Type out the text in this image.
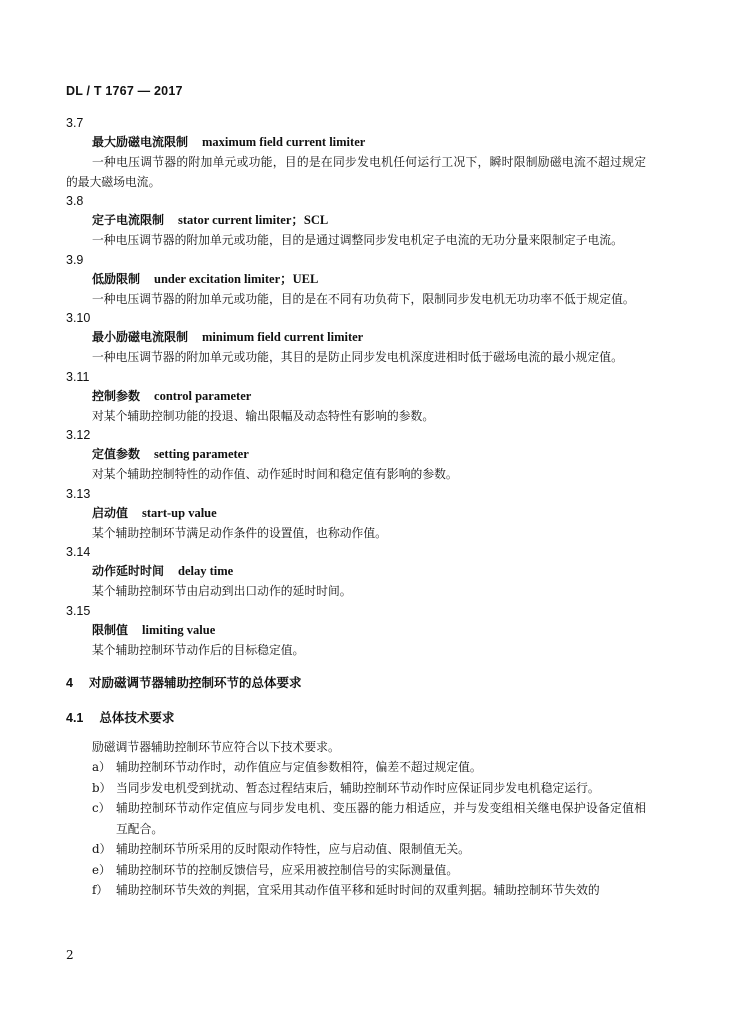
DL / T 1767 — 2017
3.7
最大励磁电流限制 maximum field current limiter
一种电压调节器的附加单元或功能，目的是在同步发电机任何运行工况下，瞬时限制励磁电流不超过规定的最大磁场电流。
3.8
定子电流限制 stator current limiter；SCL
一种电压调节器的附加单元或功能，目的是通过调整同步发电机定子电流的无功分量来限制定子电流。
3.9
低励限制 under excitation limiter；UEL
一种电压调节器的附加单元或功能，目的是在不同有功负荷下，限制同步发电机无功功率不低于规定值。
3.10
最小励磁电流限制 minimum field current limiter
一种电压调节器的附加单元或功能，其目的是防止同步发电机深度进相时低于磁场电流的最小规定值。
3.11
控制参数 control parameter
对某个辅助控制功能的投退、输出限幅及动态特性有影响的参数。
3.12
定值参数 setting parameter
对某个辅助控制特性的动作值、动作延时时间和稳定值有影响的参数。
3.13
启动值 start-up value
某个辅助控制环节满足动作条件的设置值，也称动作值。
3.14
动作延时时间 delay time
某个辅助控制环节由启动到出口动作的延时时间。
3.15
限制值 limiting value
某个辅助控制环节动作后的目标稳定值。
4 对励磁调节器辅助控制环节的总体要求
4.1 总体技术要求
励磁调节器辅助控制环节应符合以下技术要求。
a） 辅助控制环节动作时，动作值应与定值参数相符，偏差不超过规定值。
b） 当同步发电机受到扰动、暂态过程结束后，辅助控制环节动作时应保证同步发电机稳定运行。
c） 辅助控制环节动作定值应与同步发电机、变压器的能力相适应，并与发变组相关继电保护设备定值相互配合。
d） 辅助控制环节所采用的反时限动作特性，应与启动值、限制值无关。
e） 辅助控制环节的控制反馈信号，应采用被控制信号的实际测量值。
f） 辅助控制环节失效的判据，宜采用其动作值平移和延时时间的双重判据。辅助控制环节失效的
2
